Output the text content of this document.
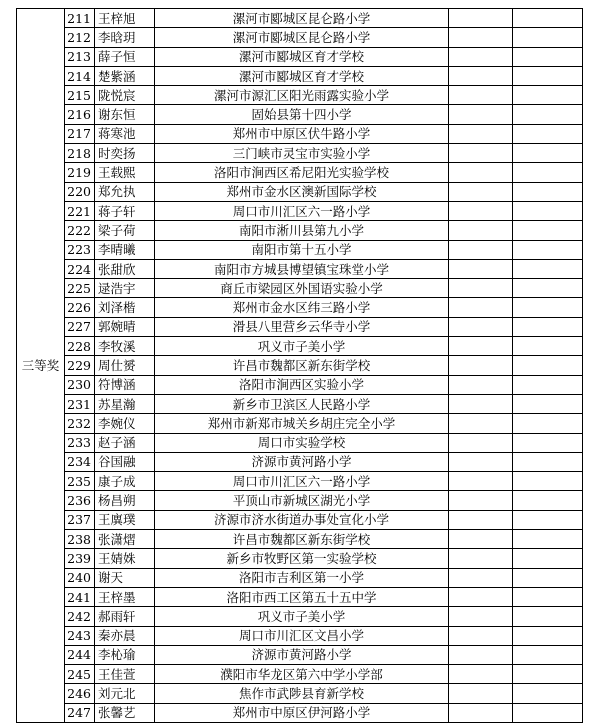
三等奖	211	王梓旭	漯河市郾城区昆仑路小学		
	212	李晗玥	漯河市郾城区昆仑路小学		
	213	薛子恒	漯河市郾城区育才学校		
	214	楚紫涵	漯河市郾城区育才学校		
	215	陇悦宸	漯河市源汇区阳光雨露实验小学		
	216	谢东恒	固始县第十四小学		
	217	蒋寒池	郑州市中原区伏牛路小学		
	218	时奕扬	三门峡市灵宝市实验小学		
	219	王载熙	洛阳市涧西区希尼阳光实验学校		
	220	郑允执	郑州市金水区澳新国际学校		
	221	蒋子轩	周口市川汇区六一路小学		
	222	梁子荷	南阳市淅川县第九小学		
	223	李晴曦	南阳市第十五小学		
	224	张甜欣	南阳市方城县博望镇宝珠堂小学		
	225	逯浩宇	商丘市梁园区外国语实验小学		
	226	刘泽楷	郑州市金水区纬三路小学		
	227	郭婉晴	滑县八里营乡云华寺小学		
	228	李牧溪	巩义市子美小学		
	229	周仕赟	许昌市魏都区新东街学校		
	230	符博涵	洛阳市涧西区实验小学		
	231	苏星瀚	新乡市卫滨区人民路小学		
	232	李婉仪	郑州市新郑市城关乡胡庄完全小学		
	233	赵子涵	周口市实验学校		
	234	谷国融	济源市黄河路小学		
	235	康子成	周口市川汇区六一路小学		
	236	杨昌朔	平顶山市新城区湖光小学		
	237	王廙璞	济源市济水街道办事处宣化小学		
	238	张潇熠	许昌市魏都区新东街学校		
	239	王婧姝	新乡市牧野区第一实验学校		
	240	谢天	洛阳市吉利区第一小学		
	241	王梓墨	洛阳市西工区第五十五中学		
	242	郝雨轩	巩义市子美小学		
	243	秦亦晨	周口市川汇区文昌小学		
	244	李杺瑜	济源市黄河路小学		
	245	王佳萱	濮阳市华龙区第六中学小学部		
	246	刘元北	焦作市武陟县育新学校		
	247	张馨艺	郑州市中原区伊河路小学		
